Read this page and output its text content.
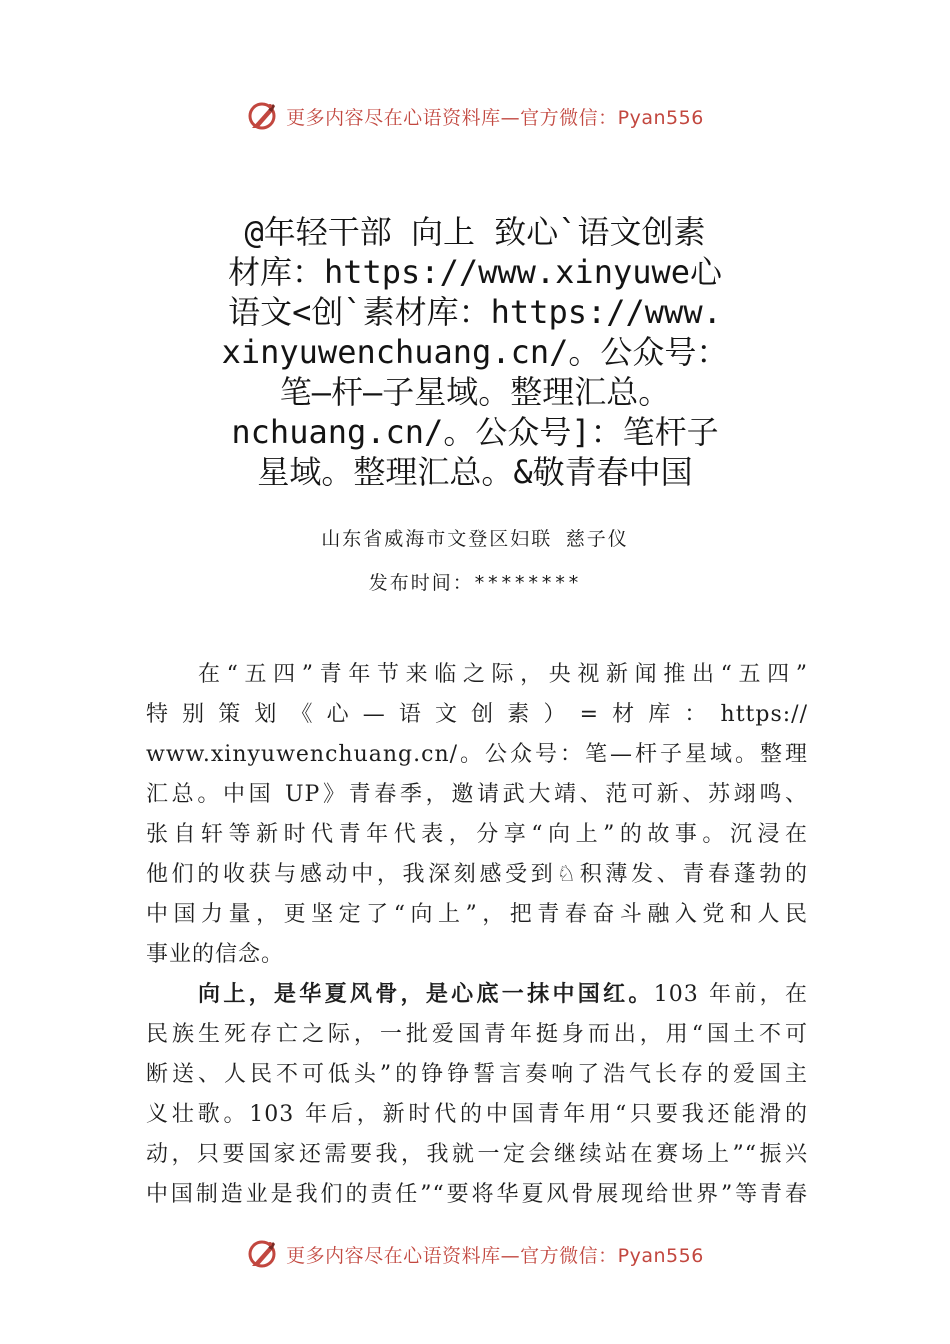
更多内容尽在心语资料库—官方微信：Pyan556
@年轻干部 向上 致心`语文创素
材库：https://www.xinyuwe心
语文<创`素材库：https://www.
xinyuwenchuang.cn/。公众号：
笔—杆—子星域。整理汇总。
nchuang.cn/。公众号]：笔杆子
星域。整理汇总。&敬青春中国
山东省威海市文登区妇联 慈子仪
发布时间：********
在“五四”青年节来临之际，央视新闻推出“五四”
特别策划《心—语文创素）=材库：https://
www.xinyuwenchuang.cn/。公众号：笔—杆子星域。整理
汇总。中国 UP》青春季，邀请武大靖、范可新、苏翊鸣、
张自轩等新时代青年代表，分享“向上”的故事。沉浸在
他们的收获与感动中，我深刻感受到♘积薄发、青春蓬勃的
中国力量，更坚定了“向上”，把青春奋斗融入党和人民
事业的信念。
向上，是华夏风骨，是心底一抹中国红。103 年前，在
民族生死存亡之际，一批爱国青年挺身而出，用“国土不可
断送、人民不可低头”的铮铮誓言奏响了浩气长存的爱国主
义壮歌。103 年后，新时代的中国青年用“只要我还能滑的
动，只要国家还需要我，我就一定会继续站在赛场上”“振兴
中国制造业是我们的责任”“要将华夏风骨展现给世界”等青春
更多内容尽在心语资料库—官方微信：Pyan556
